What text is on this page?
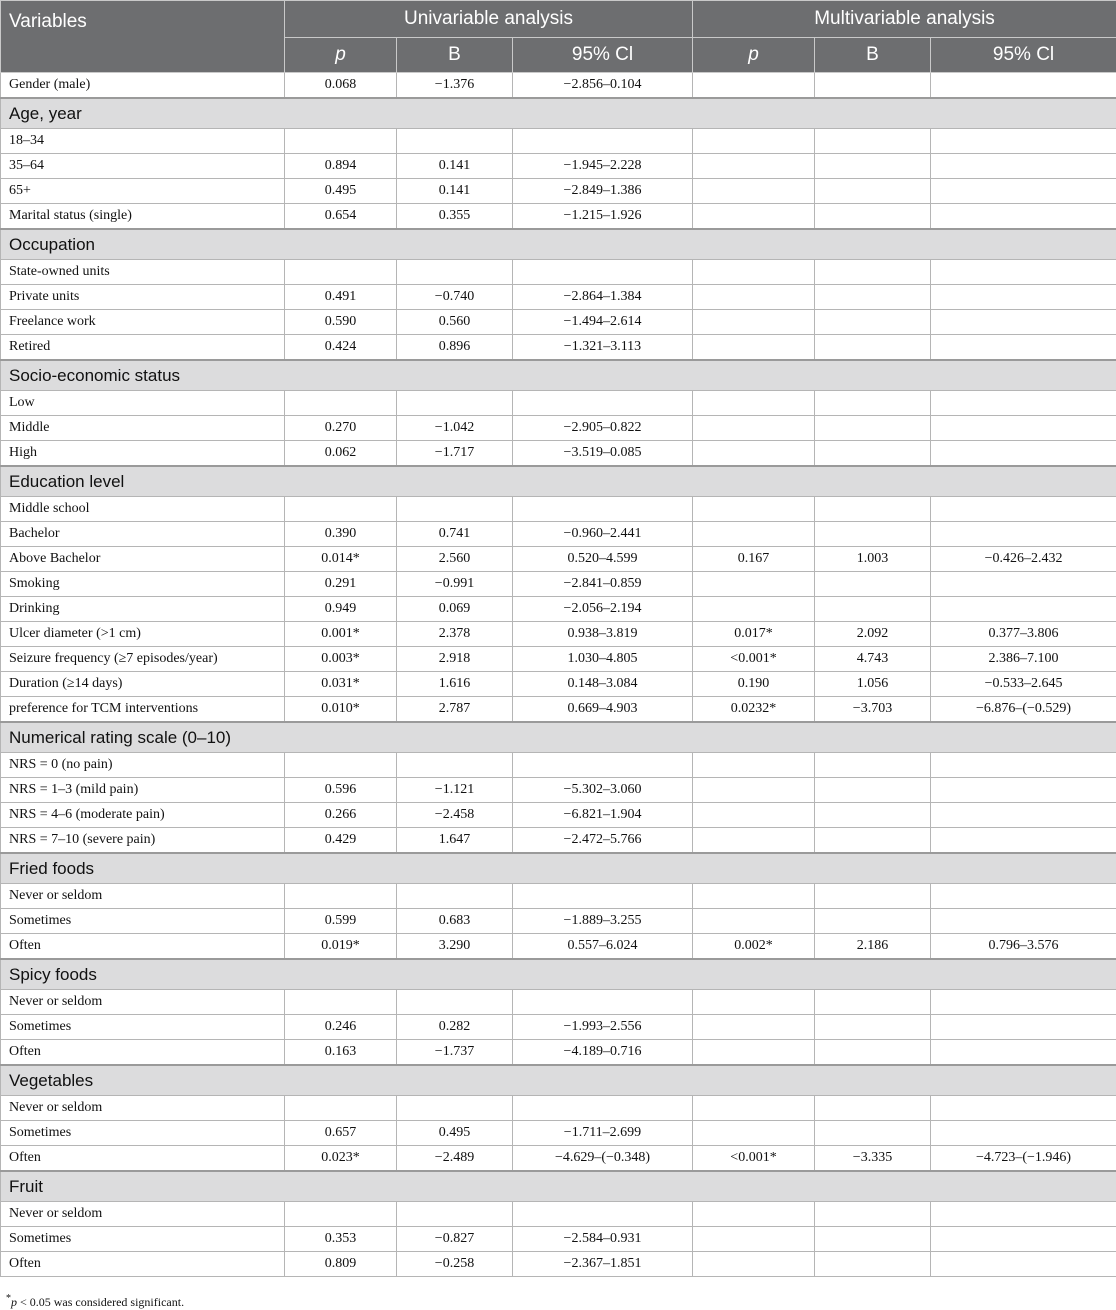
Variables	Univariable analysis			Multivariable analysis		
	p	B	95% Cl	p	B	95% Cl
Gender (male)	0.068	−1.376	−2.856–0.104			
Age, year						
18–34						
35–64	0.894	0.141	−1.945–2.228			
65+	0.495	0.141	−2.849–1.386			
Marital status (single)	0.654	0.355	−1.215–1.926			
Occupation						
State-owned units						
Private units	0.491	−0.740	−2.864–1.384			
Freelance work	0.590	0.560	−1.494–2.614			
Retired	0.424	0.896	−1.321–3.113			
Socio-economic status						
Low						
Middle	0.270	−1.042	−2.905–0.822			
High	0.062	−1.717	−3.519–0.085			
Education level						
Middle school						
Bachelor	0.390	0.741	−0.960–2.441			
Above Bachelor	0.014*	2.560	0.520–4.599	0.167	1.003	−0.426–2.432
Smoking	0.291	−0.991	−2.841–0.859			
Drinking	0.949	0.069	−2.056–2.194			
Ulcer diameter (>1 cm)	0.001*	2.378	0.938–3.819	0.017*	2.092	0.377–3.806
Seizure frequency (≥7 episodes/year)	0.003*	2.918	1.030–4.805	<0.001*	4.743	2.386–7.100
Duration (≥14 days)	0.031*	1.616	0.148–3.084	0.190	1.056	−0.533–2.645
preference for TCM interventions	0.010*	2.787	0.669–4.903	0.0232*	−3.703	−6.876–(−0.529)
Numerical rating scale (0–10)						
NRS = 0 (no pain)						
NRS = 1–3 (mild pain)	0.596	−1.121	−5.302–3.060			
NRS = 4–6 (moderate pain)	0.266	−2.458	−6.821–1.904			
NRS = 7–10 (severe pain)	0.429	1.647	−2.472–5.766			
Fried foods						
Never or seldom						
Sometimes	0.599	0.683	−1.889–3.255			
Often	0.019*	3.290	0.557–6.024	0.002*	2.186	0.796–3.576
Spicy foods						
Never or seldom						
Sometimes	0.246	0.282	−1.993–2.556			
Often	0.163	−1.737	−4.189–0.716			
Vegetables						
Never or seldom						
Sometimes	0.657	0.495	−1.711–2.699			
Often	0.023*	−2.489	−4.629–(−0.348)	<0.001*	−3.335	−4.723–(−1.946)
Fruit						
Never or seldom						
Sometimes	0.353	−0.827	−2.584–0.931			
Often	0.809	−0.258	−2.367–1.851			
*p < 0.05 was considered significant.
